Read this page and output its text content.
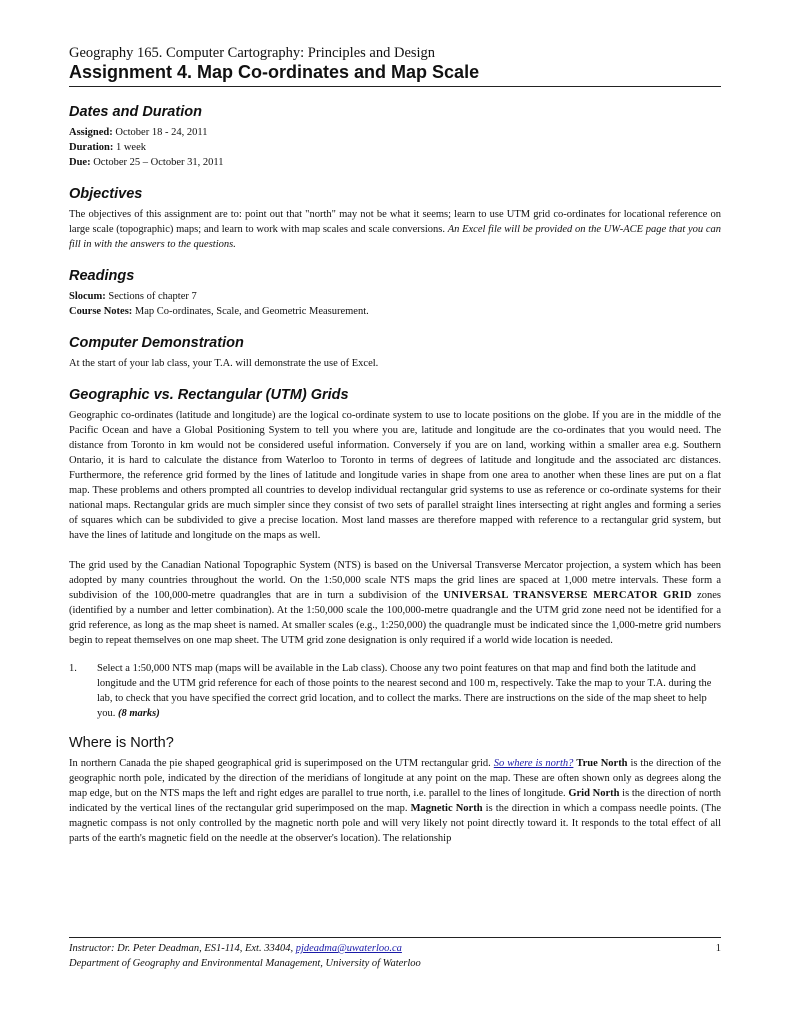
Geography 165. Computer Cartography: Principles and Design
Assignment 4. Map Co-ordinates and Map Scale
Dates and Duration
Assigned: October 18 - 24, 2011
Duration: 1 week
Due: October 25 – October 31, 2011
Objectives

The objectives of this assignment are to: point out that "north" may not be what it seems; learn to use UTM grid co-ordinates for locational reference on large scale (topographic) maps; and learn to work with map scales and scale conversions. An Excel file will be provided on the UW-ACE page that you can fill in with the answers to the questions.

Readings
Slocum: Sections of chapter 7
Course Notes: Map Co-ordinates, Scale, and Geometric Measurement.
Computer Demonstration

At the start of your lab class, your T.A. will demonstrate the use of Excel.

Geographic vs. Rectangular (UTM) Grids

Geographic co-ordinates (latitude and longitude) are the logical co-ordinate system to use to locate positions on the globe. If you are in the middle of the Pacific Ocean and have a Global Positioning System to tell you where you are, latitude and longitude are the co-ordinates that you would need. The distance from Toronto in km would not be considered useful information. Conversely if you are on land, working within a smaller area e.g. Southern Ontario, it is hard to calculate the distance from Waterloo to Toronto in terms of degrees of latitude and longitude and the associated arc distances. Furthermore, the reference grid formed by the lines of latitude and longitude varies in shape from one area to another when these lines are put on a flat map. These problems and others prompted all countries to develop individual rectangular grid systems to use as reference or co-ordinate systems for their national maps. Rectangular grids are much simpler since they consist of two sets of parallel straight lines intersecting at right angles and forming a series of squares which can be subdivided to give a precise location. Most land masses are therefore mapped with reference to a rectangular grid system, but have the lines of latitude and longitude on the maps as well.

The grid used by the Canadian National Topographic System (NTS) is based on the Universal Transverse Mercator projection, a system which has been adopted by many countries throughout the world. On the 1:50,000 scale NTS maps the grid lines are spaced at 1,000 metre intervals. These form a subdivision of the 100,000-metre quadrangles that are in turn a subdivision of the UNIVERSAL TRANSVERSE MERCATOR GRID zones (identified by a number and letter combination). At the 1:50,000 scale the 100,000-metre quadrangle and the UTM grid zone need not be identified for a grid reference, as long as the map sheet is named. At smaller scales (e.g., 1:250,000) the quadrangle must be indicated since the 1,000-metre grid numbers begin to repeat themselves on one map sheet. The UTM grid zone designation is only required if a world wide location is needed.

1.	Select a 1:50,000 NTS map (maps will be available in the Lab class). Choose any two point features on that map and find both the latitude and longitude and the UTM grid reference for each of those points to the nearest second and 100 m, respectively. Take the map to your T.A. during the lab, to check that you have specified the correct grid location, and to collect the marks. There are instructions on the side of the map sheet to help you. (8 marks)
Where is North?

In northern Canada the pie shaped geographical grid is superimposed on the UTM rectangular grid. So where is north? True North is the direction of the geographic north pole, indicated by the direction of the meridians of longitude at any point on the map. These are often shown only as degrees along the map edge, but on the NTS maps the left and right edges are parallel to true north, i.e. parallel to the lines of longitude. Grid North is the direction of north indicated by the vertical lines of the rectangular grid superimposed on the map. Magnetic North is the direction in which a compass needle points. (The magnetic compass is not only controlled by the magnetic north pole and will very likely not point directly toward it. It responds to the total effect of all parts of the earth's magnetic field on the needle at the observer's location). The relationship

Instructor: Dr. Peter Deadman, ES1-114, Ext. 33404, pjdeadma@uwaterloo.ca	1
Department of Geography and Environmental Management, University of Waterloo
